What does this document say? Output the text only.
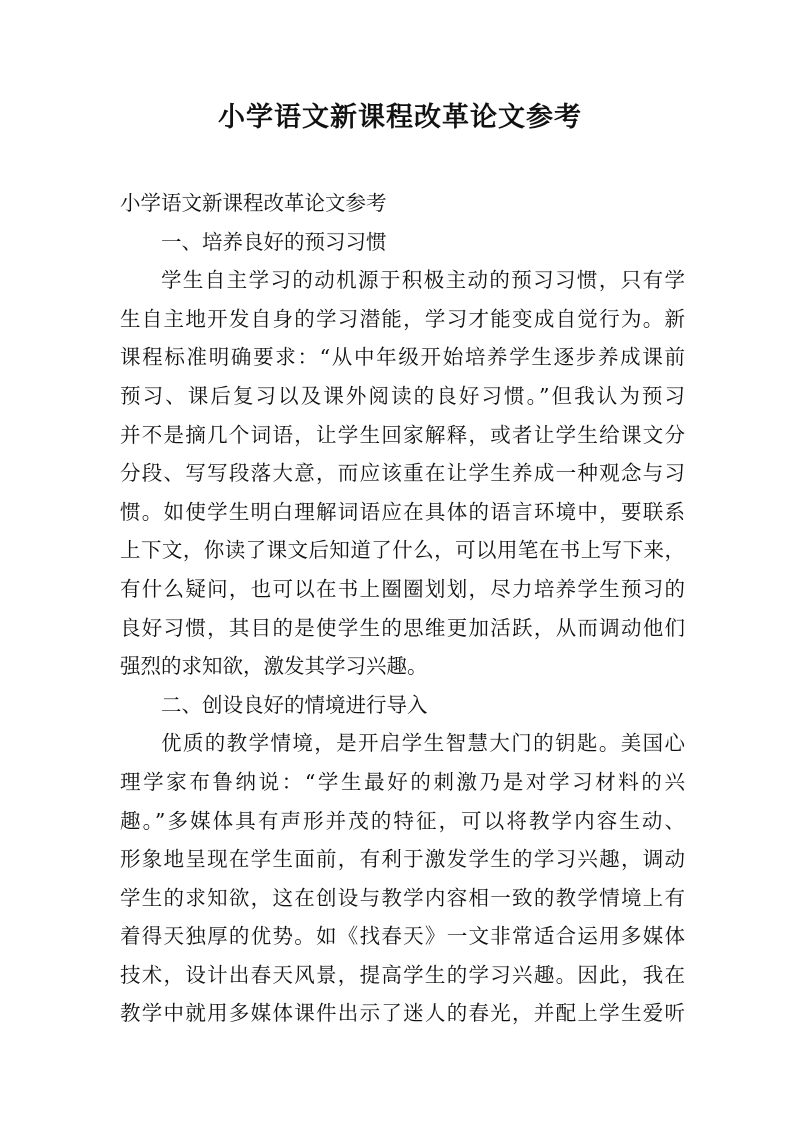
小学语文新课程改革论文参考
小学语文新课程改革论文参考
一、培养良好的预习习惯
学生自主学习的动机源于积极主动的预习习惯，只有学
生自主地开发自身的学习潜能，学习才能变成自觉行为。新
课程标准明确要求：“从中年级开始培养学生逐步养成课前
预习、课后复习以及课外阅读的良好习惯。”但我认为预习
并不是摘几个词语，让学生回家解释，或者让学生给课文分
分段、写写段落大意，而应该重在让学生养成一种观念与习
惯。如使学生明白理解词语应在具体的语言环境中，要联系
上下文，你读了课文后知道了什么，可以用笔在书上写下来，
有什么疑问，也可以在书上圈圈划划，尽力培养学生预习的
良好习惯，其目的是使学生的思维更加活跃，从而调动他们
强烈的求知欲，激发其学习兴趣。
二、创设良好的情境进行导入
优质的教学情境，是开启学生智慧大门的钥匙。美国心
理学家布鲁纳说：“学生最好的刺激乃是对学习材料的兴
趣。”多媒体具有声形并茂的特征，可以将教学内容生动、
形象地呈现在学生面前，有利于激发学生的学习兴趣，调动
学生的求知欲，这在创设与教学内容相一致的教学情境上有
着得天独厚的优势。如《找春天》一文非常适合运用多媒体
技术，设计出春天风景，提高学生的学习兴趣。因此，我在
教学中就用多媒体课件出示了迷人的春光，并配上学生爱听
